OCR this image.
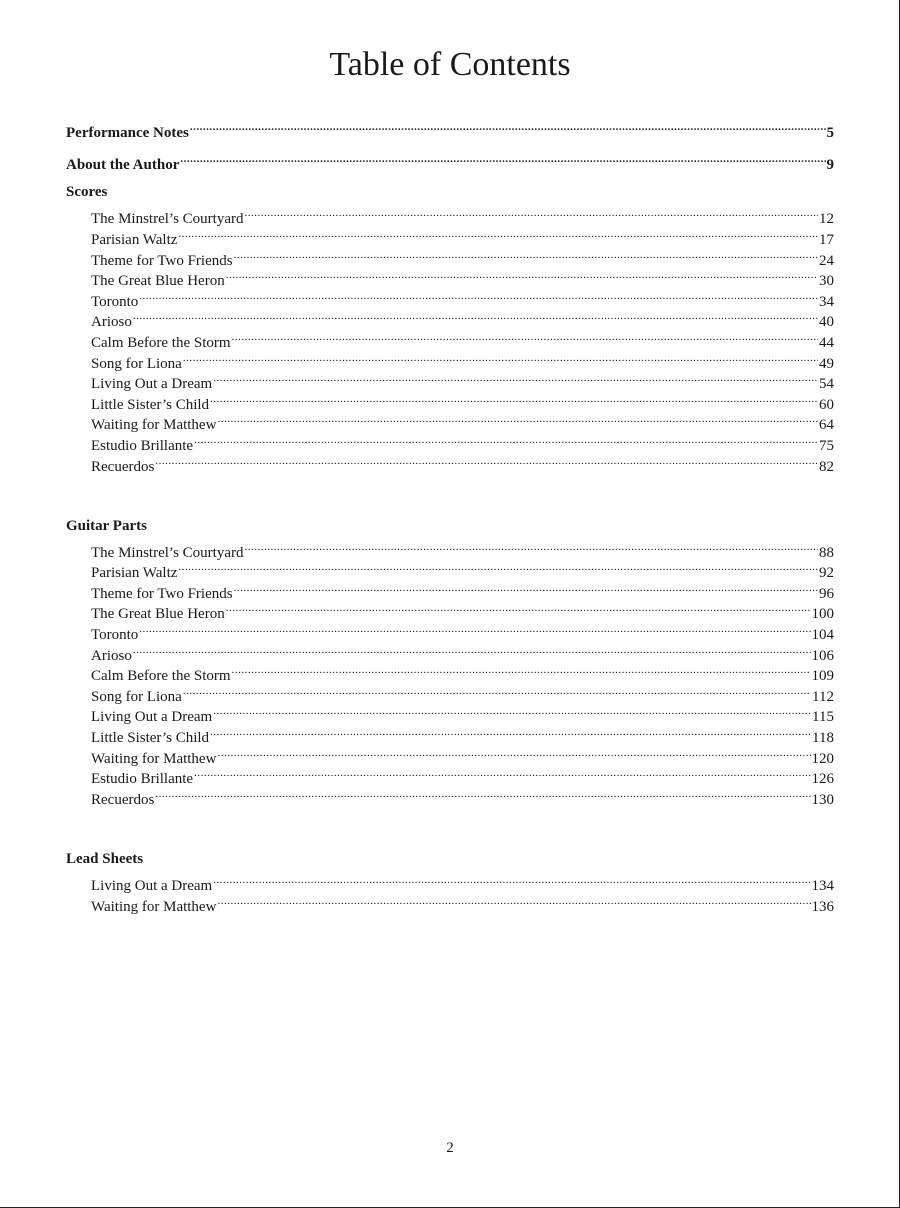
Table of Contents
Performance Notes .....	5
About the Author .....	9
Scores
The Minstrel’s Courtyard .....	12
Parisian Waltz .....	17
Theme for Two Friends .....	24
The Great Blue Heron .....	30
Toronto .....	34
Arioso .....	40
Calm Before the Storm .....	44
Song for Liona .....	49
Living Out a Dream .....	54
Little Sister’s Child .....	60
Waiting for Matthew .....	64
Estudio Brillante .....	75
Recuerdos .....	82
Guitar Parts
The Minstrel’s Courtyard .....	88
Parisian Waltz .....	92
Theme for Two Friends .....	96
The Great Blue Heron .....	100
Toronto .....	104
Arioso .....	106
Calm Before the Storm .....	109
Song for Liona .....	112
Living Out a Dream .....	115
Little Sister’s Child .....	118
Waiting for Matthew .....	120
Estudio Brillante .....	126
Recuerdos .....	130
Lead Sheets
Living Out a Dream .....	134
Waiting for Matthew .....	136
2
